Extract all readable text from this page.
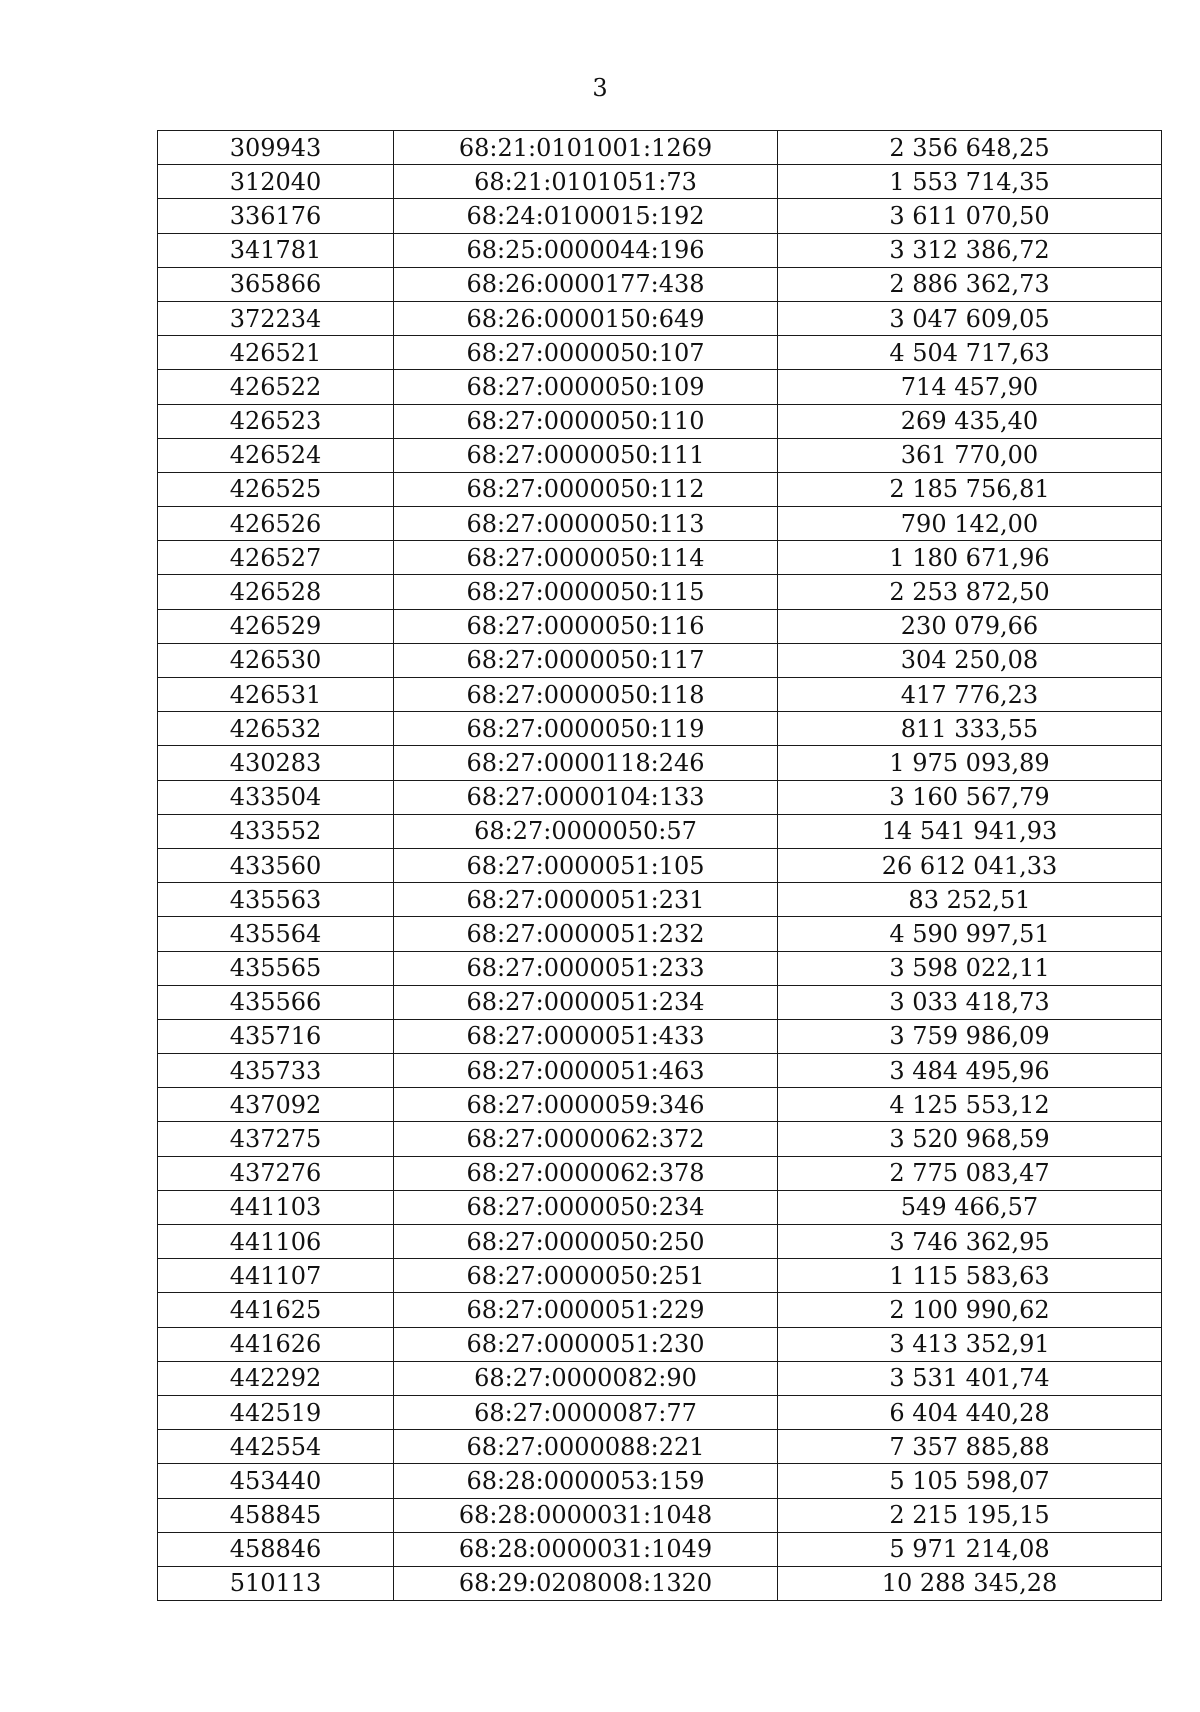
3
309943	68:21:0101001:1269	2 356 648,25
312040	68:21:0101051:73	1 553 714,35
336176	68:24:0100015:192	3 611 070,50
341781	68:25:0000044:196	3 312 386,72
365866	68:26:0000177:438	2 886 362,73
372234	68:26:0000150:649	3 047 609,05
426521	68:27:0000050:107	4 504 717,63
426522	68:27:0000050:109	714 457,90
426523	68:27:0000050:110	269 435,40
426524	68:27:0000050:111	361 770,00
426525	68:27:0000050:112	2 185 756,81
426526	68:27:0000050:113	790 142,00
426527	68:27:0000050:114	1 180 671,96
426528	68:27:0000050:115	2 253 872,50
426529	68:27:0000050:116	230 079,66
426530	68:27:0000050:117	304 250,08
426531	68:27:0000050:118	417 776,23
426532	68:27:0000050:119	811 333,55
430283	68:27:0000118:246	1 975 093,89
433504	68:27:0000104:133	3 160 567,79
433552	68:27:0000050:57	14 541 941,93
433560	68:27:0000051:105	26 612 041,33
435563	68:27:0000051:231	83 252,51
435564	68:27:0000051:232	4 590 997,51
435565	68:27:0000051:233	3 598 022,11
435566	68:27:0000051:234	3 033 418,73
435716	68:27:0000051:433	3 759 986,09
435733	68:27:0000051:463	3 484 495,96
437092	68:27:0000059:346	4 125 553,12
437275	68:27:0000062:372	3 520 968,59
437276	68:27:0000062:378	2 775 083,47
441103	68:27:0000050:234	549 466,57
441106	68:27:0000050:250	3 746 362,95
441107	68:27:0000050:251	1 115 583,63
441625	68:27:0000051:229	2 100 990,62
441626	68:27:0000051:230	3 413 352,91
442292	68:27:0000082:90	3 531 401,74
442519	68:27:0000087:77	6 404 440,28
442554	68:27:0000088:221	7 357 885,88
453440	68:28:0000053:159	5 105 598,07
458845	68:28:0000031:1048	2 215 195,15
458846	68:28:0000031:1049	5 971 214,08
510113	68:29:0208008:1320	10 288 345,28
